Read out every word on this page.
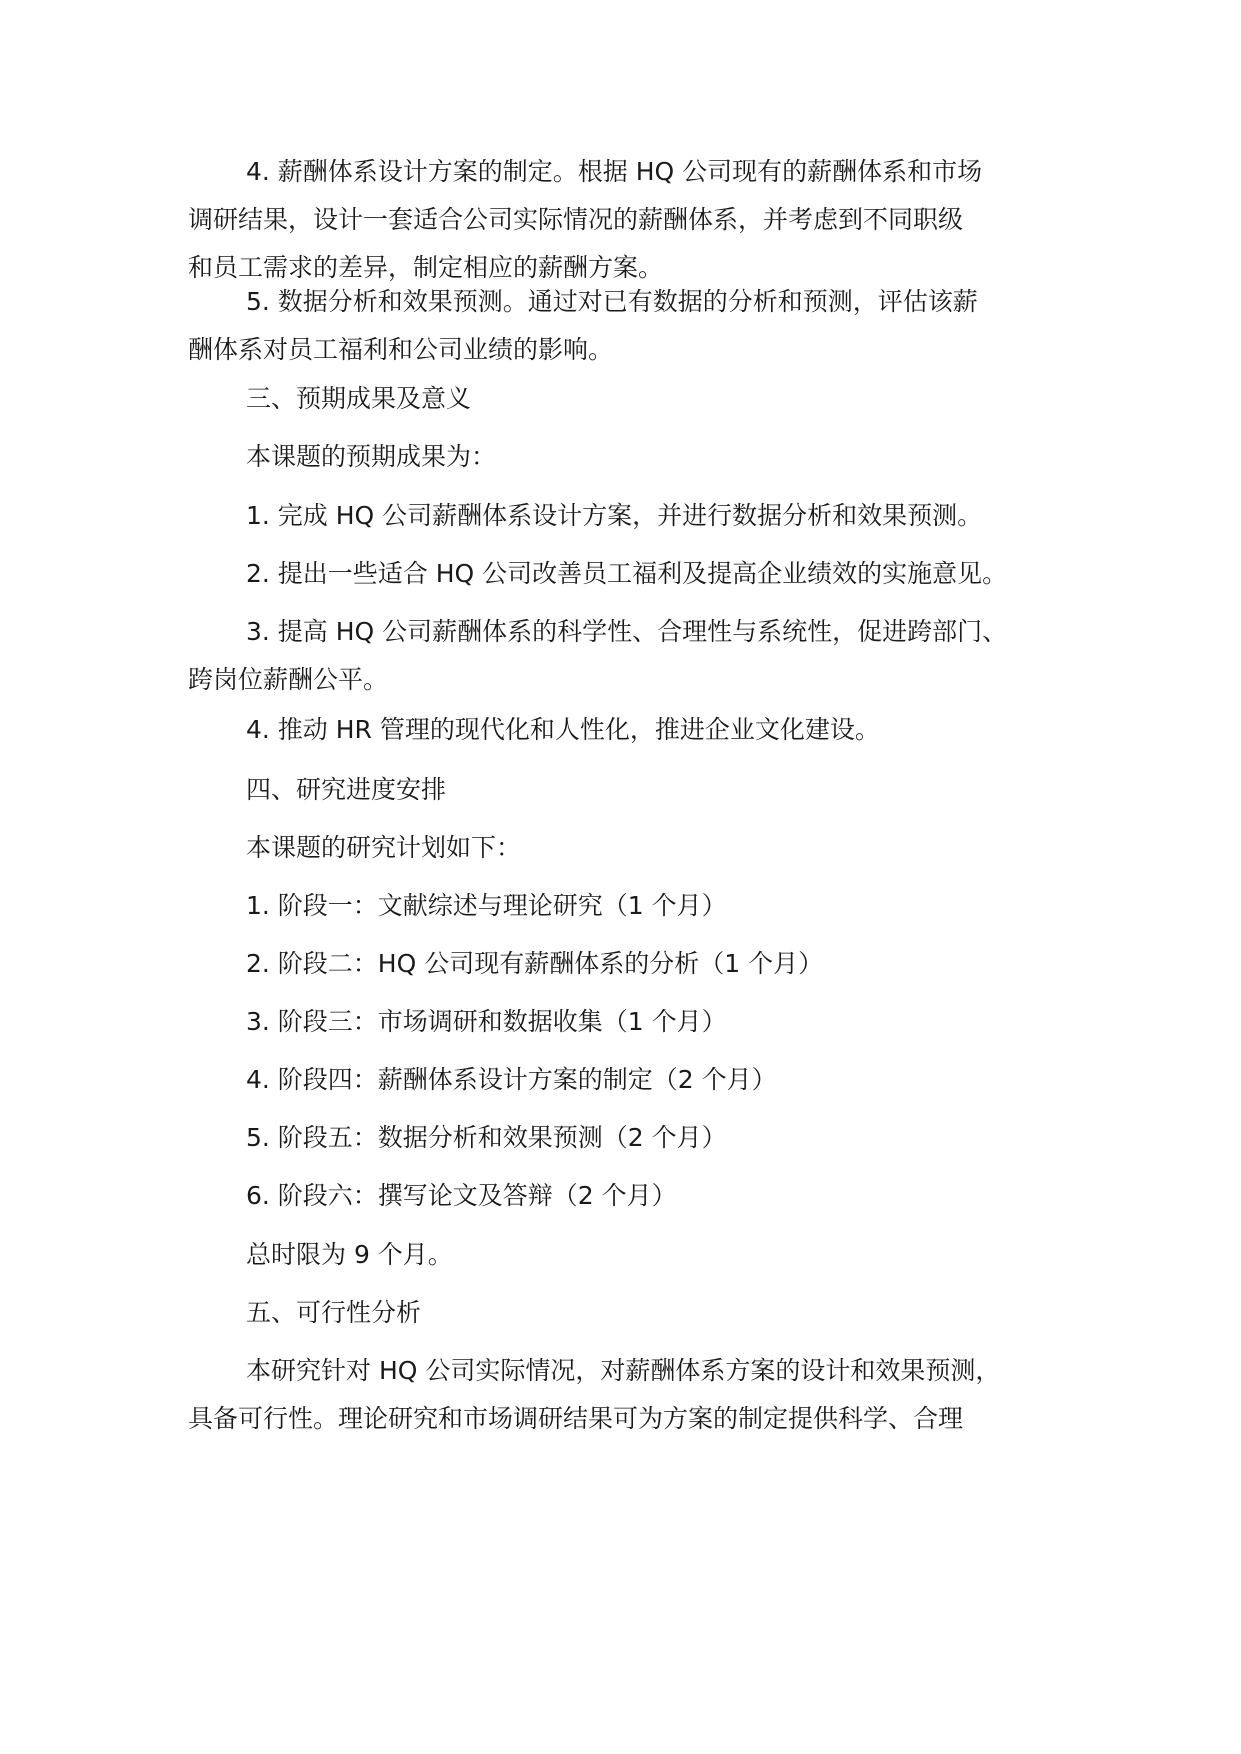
4. 薪酬体系设计方案的制定。根据 HQ 公司现有的薪酬体系和市场
调研结果，设计一套适合公司实际情况的薪酬体系，并考虑到不同职级
和员工需求的差异，制定相应的薪酬方案。
5. 数据分析和效果预测。通过对已有数据的分析和预测，评估该薪
酬体系对员工福利和公司业绩的影响。
三、预期成果及意义
本课题的预期成果为：
1. 完成 HQ 公司薪酬体系设计方案，并进行数据分析和效果预测。
2. 提出一些适合 HQ 公司改善员工福利及提高企业绩效的实施意见。
3. 提高 HQ 公司薪酬体系的科学性、合理性与系统性，促进跨部门、
跨岗位薪酬公平。
4. 推动 HR 管理的现代化和人性化，推进企业文化建设。
四、研究进度安排
本课题的研究计划如下：
1. 阶段一：文献综述与理论研究（1 个月）
2. 阶段二：HQ 公司现有薪酬体系的分析（1 个月）
3. 阶段三：市场调研和数据收集（1 个月）
4. 阶段四：薪酬体系设计方案的制定（2 个月）
5. 阶段五：数据分析和效果预测（2 个月）
6. 阶段六：撰写论文及答辩（2 个月）
总时限为 9 个月。
五、可行性分析
本研究针对 HQ 公司实际情况，对薪酬体系方案的设计和效果预测，
具备可行性。理论研究和市场调研结果可为方案的制定提供科学、合理
